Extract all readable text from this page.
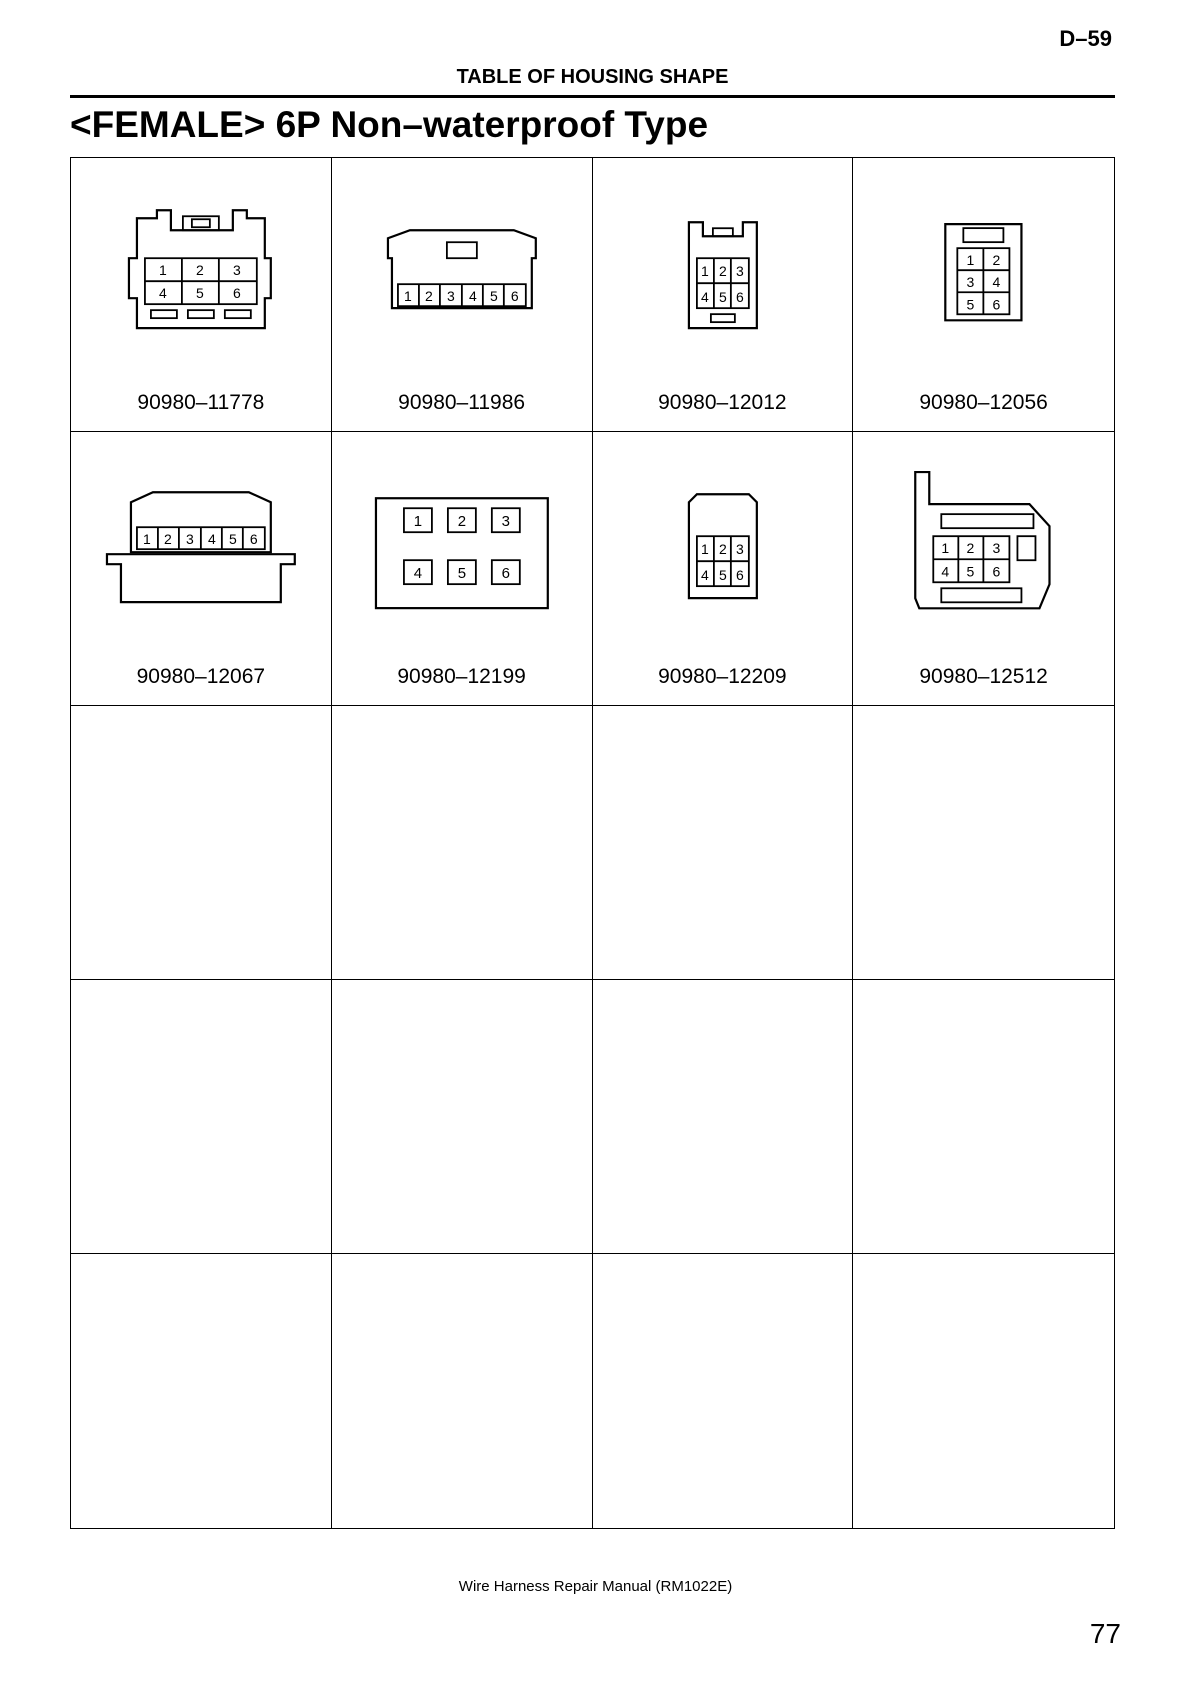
D–59
TABLE OF HOUSING SHAPE
<FEMALE> 6P Non–waterproof Type
1 2 3
4 5 6
90980–11778
1 2 3 4 5 6
90980–11986
1 2 3
4 5 6
90980–12012
1 2
3 4
5 6
90980–12056
1 2 3 4 5 6
90980–12067
1 2 3
4 5 6
90980–12199
1 2 3
4 5 6
90980–12209
1 2 3
4 5 6
90980–12512
Wire Harness Repair Manual (RM1022E)
77
